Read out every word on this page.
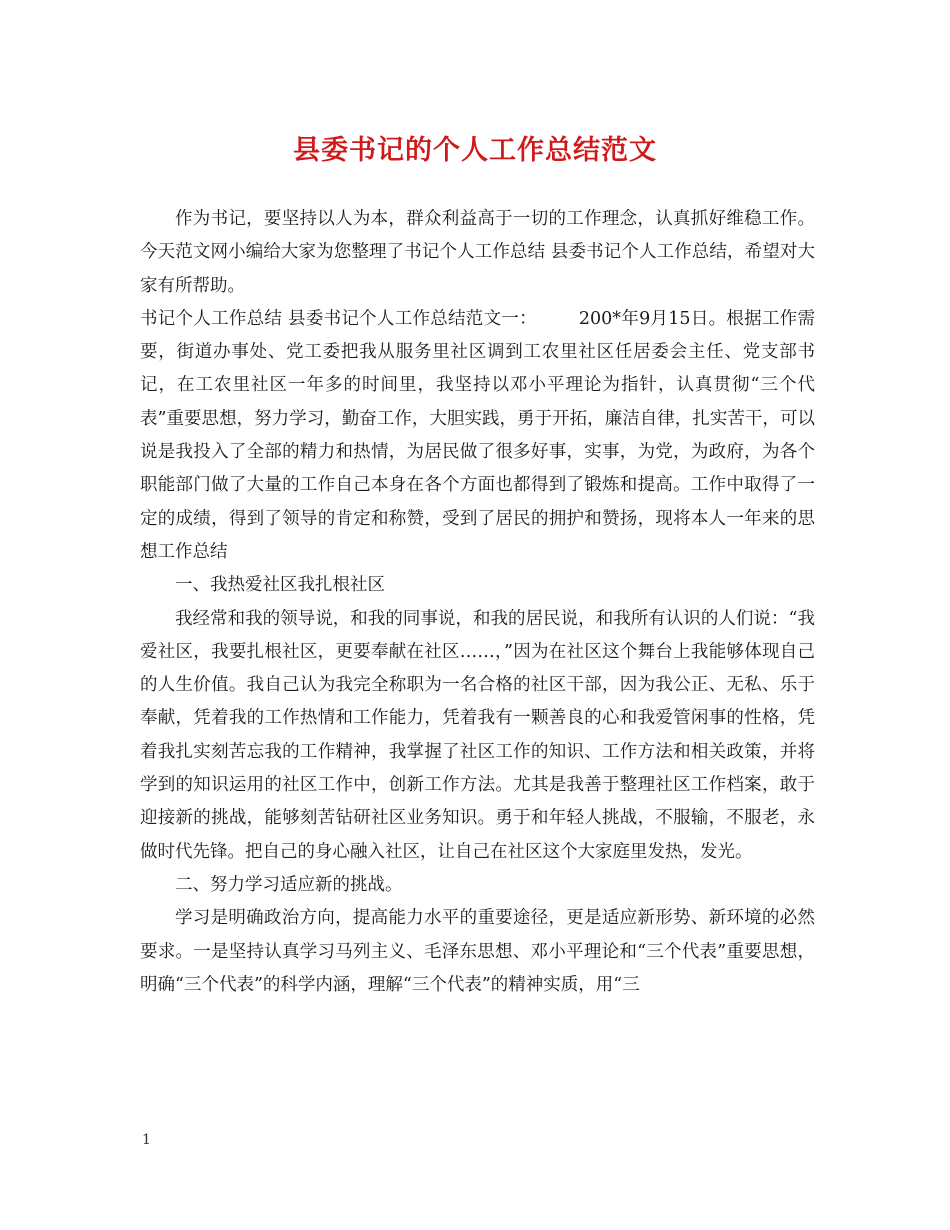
县委书记的个人工作总结范文

作为书记，要坚持以人为本，群众利益高于一切的工作理念，认真抓好维稳工作。今天范文网小编给大家为您整理了书记个人工作总结 县委书记个人工作总结，希望对大家有所帮助。

书记个人工作总结 县委书记个人工作总结范文一： 200*年9月15日。根据工作需要，街道办事处、党工委把我从服务里社区调到工农里社区任居委会主任、党支部书记，在工农里社区一年多的时间里，我坚持以邓小平理论为指针，认真贯彻“三个代表”重要思想，努力学习，勤奋工作，大胆实践，勇于开拓，廉洁自律，扎实苦干，可以说是我投入了全部的精力和热情，为居民做了很多好事，实事，为党，为政府，为各个职能部门做了大量的工作自己本身在各个方面也都得到了锻炼和提高。工作中取得了一定的成绩，得到了领导的肯定和称赞，受到了居民的拥护和赞扬，现将本人一年来的思想工作总结

一、我热爱社区我扎根社区

我经常和我的领导说，和我的同事说，和我的居民说，和我所有认识的人们说：“我爱社区，我要扎根社区，更要奉献在社区……，”因为在社区这个舞台上我能够体现自己的人生价值。我自己认为我完全称职为一名合格的社区干部，因为我公正、无私、乐于奉献，凭着我的工作热情和工作能力，凭着我有一颗善良的心和我爱管闲事的性格，凭着我扎实刻苦忘我的工作精神，我掌握了社区工作的知识、工作方法和相关政策，并将学到的知识运用的社区工作中，创新工作方法。尤其是我善于整理社区工作档案，敢于迎接新的挑战，能够刻苦钻研社区业务知识。勇于和年轻人挑战，不服输，不服老，永做时代先锋。把自己的身心融入社区，让自己在社区这个大家庭里发热，发光。

二、努力学习适应新的挑战。

学习是明确政治方向，提高能力水平的重要途径，更是适应新形势、新环境的必然要求。一是坚持认真学习马列主义、毛泽东思想、邓小平理论和“三个代表”重要思想，明确“三个代表”的科学内涵，理解“三个代表”的精神实质，用“三

1
